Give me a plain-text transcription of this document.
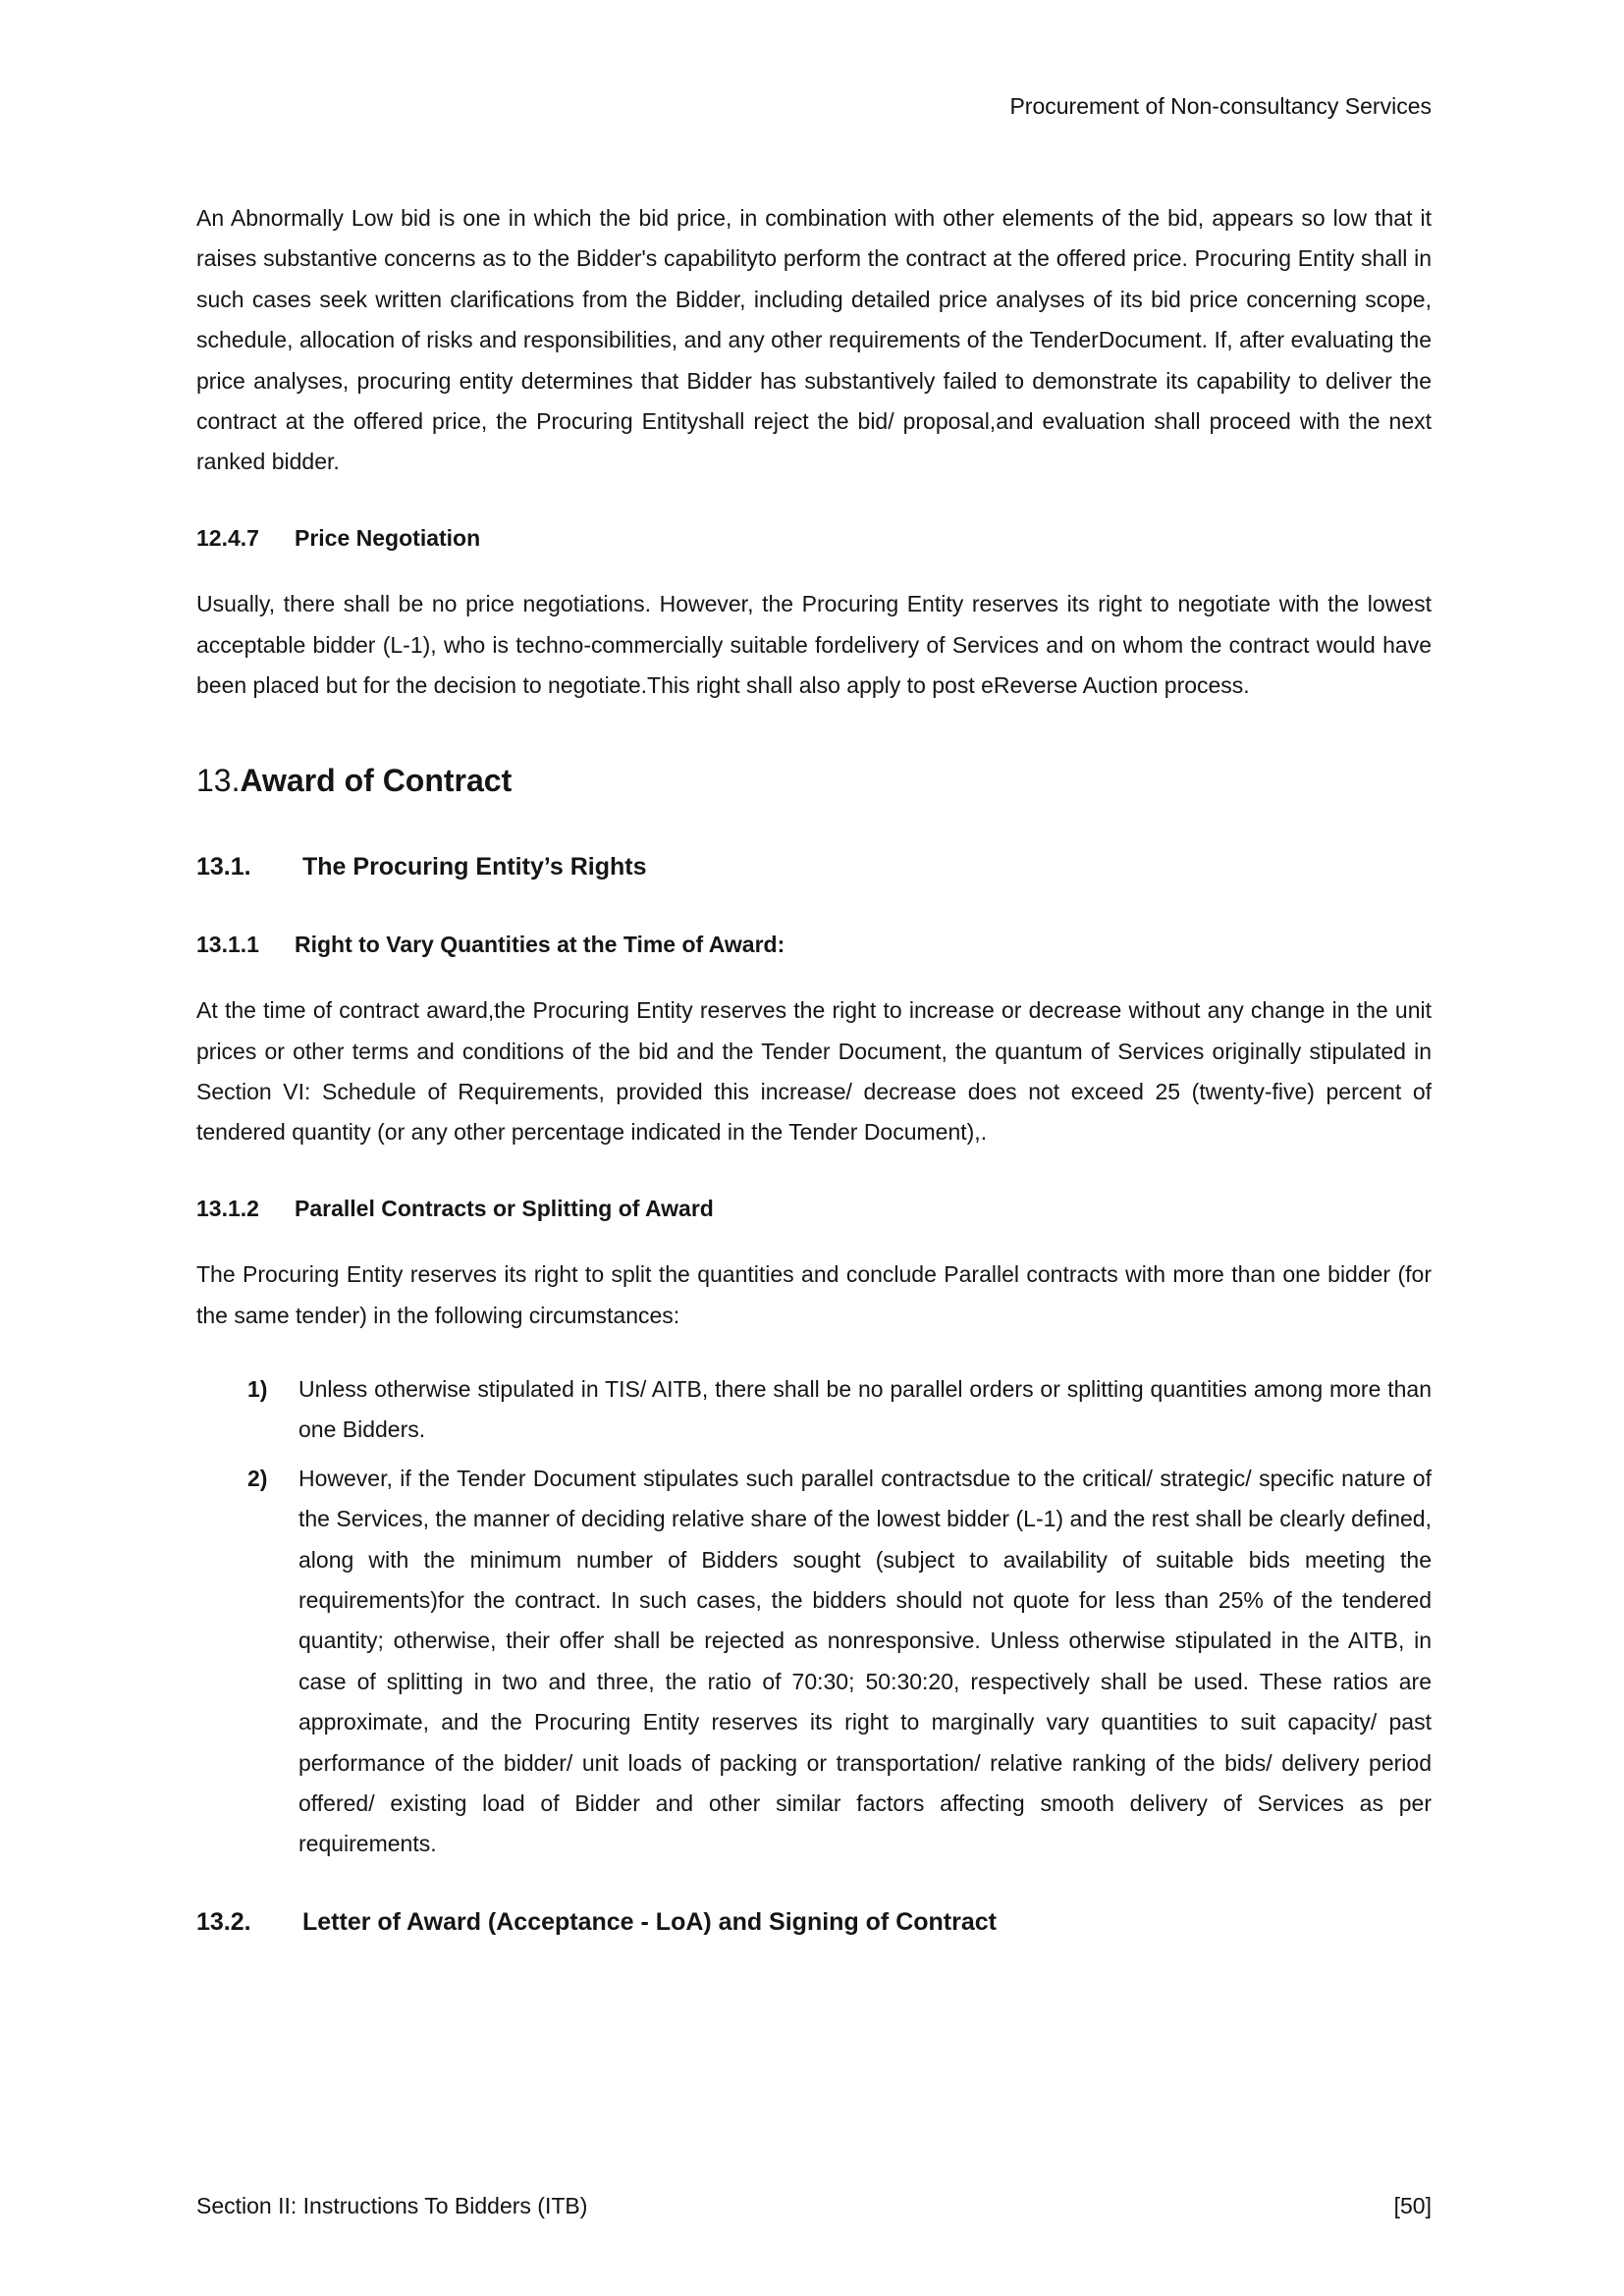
Procurement of Non-consultancy Services

An Abnormally Low bid is one in which the bid price, in combination with other elements of the bid, appears so low that it raises substantive concerns as to the Bidder's capabilityto perform the contract at the offered price. Procuring Entity shall in such cases seek written clarifications from the Bidder, including detailed price analyses of its bid price concerning scope, schedule, allocation of risks and responsibilities, and any other requirements of the TenderDocument. If, after evaluating the price analyses, procuring entity determines that Bidder has substantively failed to demonstrate its capability to deliver the contract at the offered price, the Procuring Entityshall reject the bid/ proposal,and evaluation shall proceed with the next ranked bidder.

12.4.7 Price Negotiation

Usually, there shall be no price negotiations. However, the Procuring Entity reserves its right to negotiate with the lowest acceptable bidder (L-1), who is techno-commercially suitable fordelivery of Services and on whom the contract would have been placed but for the decision to negotiate.This right shall also apply to post eReverse Auction process.

13.Award of Contract
13.1. The Procuring Entity’s Rights
13.1.1 Right to Vary Quantities at the Time of Award:

At the time of contract award,the Procuring Entity reserves the right to increase or decrease without any change in the unit prices or other terms and conditions of the bid and the Tender Document, the quantum of Services originally stipulated in Section VI: Schedule of Requirements, provided this increase/ decrease does not exceed 25 (twenty-five) percent of tendered quantity (or any other percentage indicated in the Tender Document),.

13.1.2 Parallel Contracts or Splitting of Award

The Procuring Entity reserves its right to split the quantities and conclude Parallel contracts with more than one bidder (for the same tender) in the following circumstances:

1)	Unless otherwise stipulated in TIS/ AITB, there shall be no parallel orders or splitting quantities among more than one Bidders.
2)	However, if the Tender Document stipulates such parallel contractsdue to the critical/ strategic/ specific nature of the Services, the manner of deciding relative share of the lowest bidder (L-1) and the rest shall be clearly defined, along with the minimum number of Bidders sought (subject to availability of suitable bids meeting the requirements)for the contract. In such cases, the bidders should not quote for less than 25% of the tendered quantity; otherwise, their offer shall be rejected as nonresponsive. Unless otherwise stipulated in the AITB, in case of splitting in two and three, the ratio of 70:30; 50:30:20, respectively shall be used. These ratios are approximate, and the Procuring Entity reserves its right to marginally vary quantities to suit capacity/ past performance of the bidder/ unit loads of packing or transportation/ relative ranking of the bids/ delivery period offered/ existing load of Bidder and other similar factors affecting smooth delivery of Services as per requirements.
13.2. Letter of Award (Acceptance - LoA) and Signing of Contract
Section II: Instructions To Bidders (ITB)	[50]
